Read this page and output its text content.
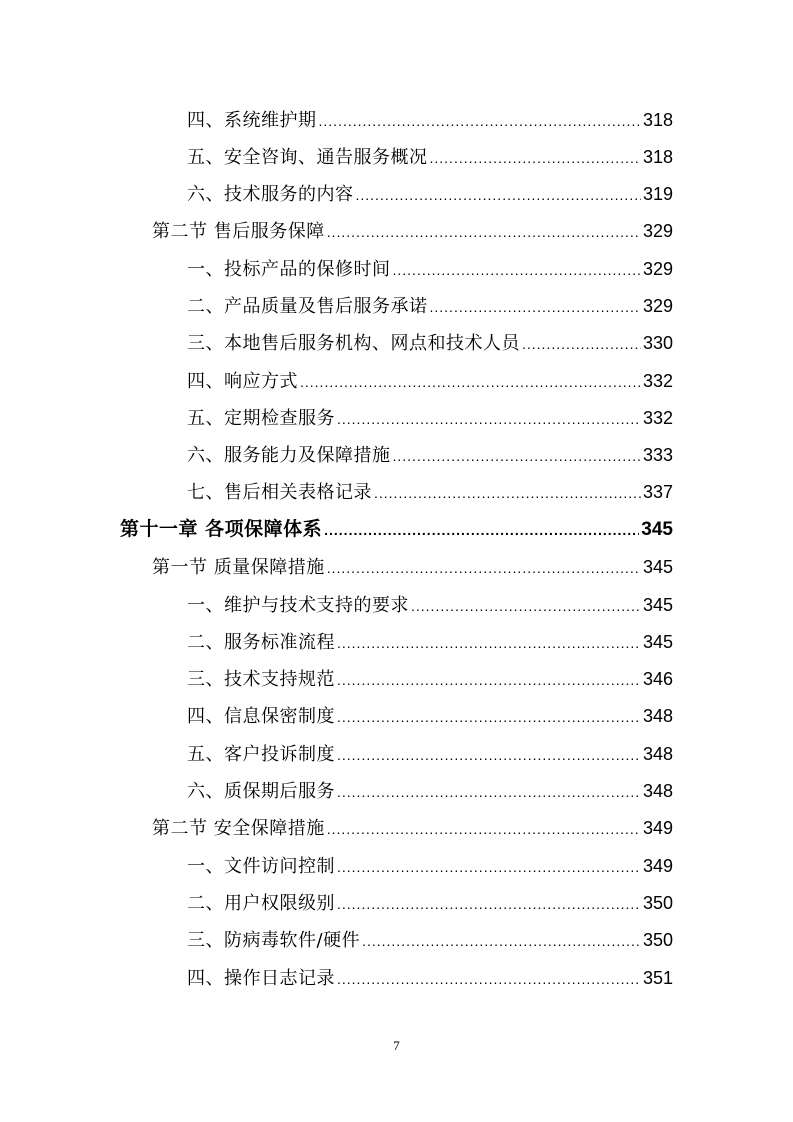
四、系统维护期 .....	318
五、安全咨询、通告服务概况 .....	318
六、技术服务的内容 .....	319
第二节 售后服务保障 .....	329
一、投标产品的保修时间 .....	329
二、产品质量及售后服务承诺 .....	329
三、本地售后服务机构、网点和技术人员 .....	330
四、响应方式 .....	332
五、定期检查服务 .....	332
六、服务能力及保障措施 .....	333
七、售后相关表格记录 .....	337
第十一章 各项保障体系 .....	345
第一节 质量保障措施 .....	345
一、维护与技术支持的要求 .....	345
二、服务标准流程 .....	345
三、技术支持规范 .....	346
四、信息保密制度 .....	348
五、客户投诉制度 .....	348
六、质保期后服务 .....	348
第二节 安全保障措施 .....	349
一、文件访问控制 .....	349
二、用户权限级别 .....	350
三、防病毒软件/硬件 .....	350
四、操作日志记录 .....	351
7
